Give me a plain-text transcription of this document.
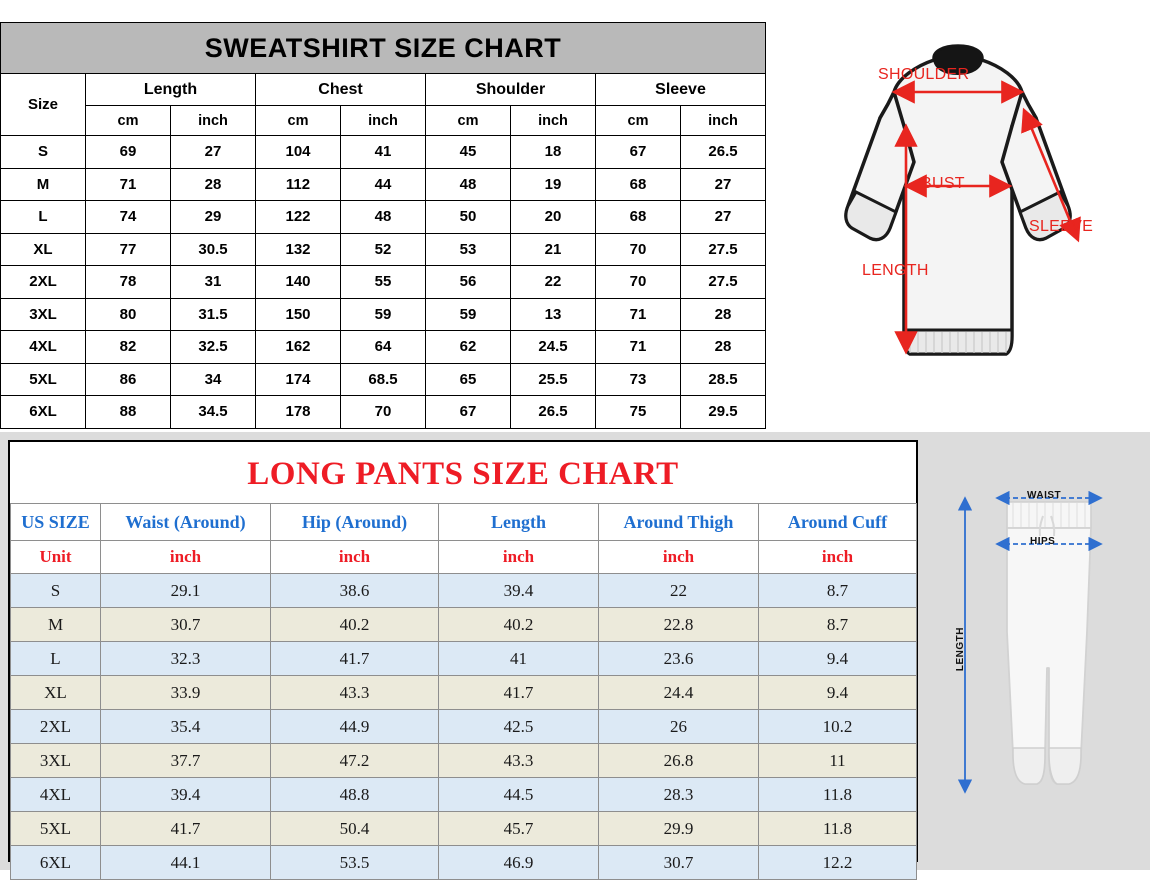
SWEATSHIRT SIZE CHART								
Size	Length		Chest		Shoulder		Sleeve	
	cm	inch	cm	inch	cm	inch	cm	inch
S	69	27	104	41	45	18	67	26.5
M	71	28	112	44	48	19	68	27
L	74	29	122	48	50	20	68	27
XL	77	30.5	132	52	53	21	70	27.5
2XL	78	31	140	55	56	22	70	27.5
3XL	80	31.5	150	59	59	13	71	28
4XL	82	32.5	162	64	62	24.5	71	28
5XL	86	34	174	68.5	65	25.5	73	28.5
6XL	88	34.5	178	70	67	26.5	75	29.5
SHOULDER
BUST
SLEEVE
LENGTH
LONG PANTS SIZE CHART
US SIZE	Waist (Around)	Hip (Around)	Length	Around Thigh	Around Cuff
Unit	inch	inch	inch	inch	inch
S	29.1	38.6	39.4	22	8.7
M	30.7	40.2	40.2	22.8	8.7
L	32.3	41.7	41	23.6	9.4
XL	33.9	43.3	41.7	24.4	9.4
2XL	35.4	44.9	42.5	26	10.2
3XL	37.7	47.2	43.3	26.8	11
4XL	39.4	48.8	44.5	28.3	11.8
5XL	41.7	50.4	45.7	29.9	11.8
6XL	44.1	53.5	46.9	30.7	12.2
WAIST
HIPS
LENGTH
